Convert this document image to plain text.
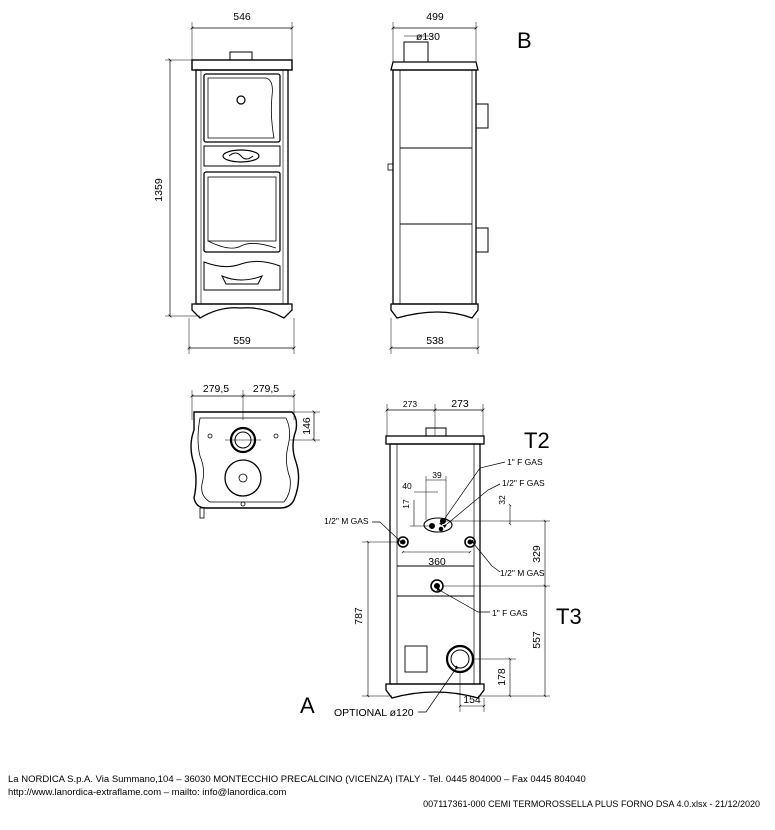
546
1359
559
499
ø130
538
B
279,5 279,5
146
A
273	273
T2
T3
39
40
17	32
360	329
787
557
178
154
1" F GAS
1/2" F GAS
1/2" M GAS
1/2" M GAS
1" F GAS
OPTIONAL ø120
La NORDICA S.p.A. Via Summano,104 – 36030 MONTECCHIO PRECALCINO (VICENZA) ITALY - Tel. 0445 804000 – Fax 0445 804040
http://www.lanordica-extraflame.com – mailto: info@lanordica.com
007117361-000 CEMI TERMOROSSELLA PLUS FORNO DSA 4.0.xlsx - 21/12/2020
